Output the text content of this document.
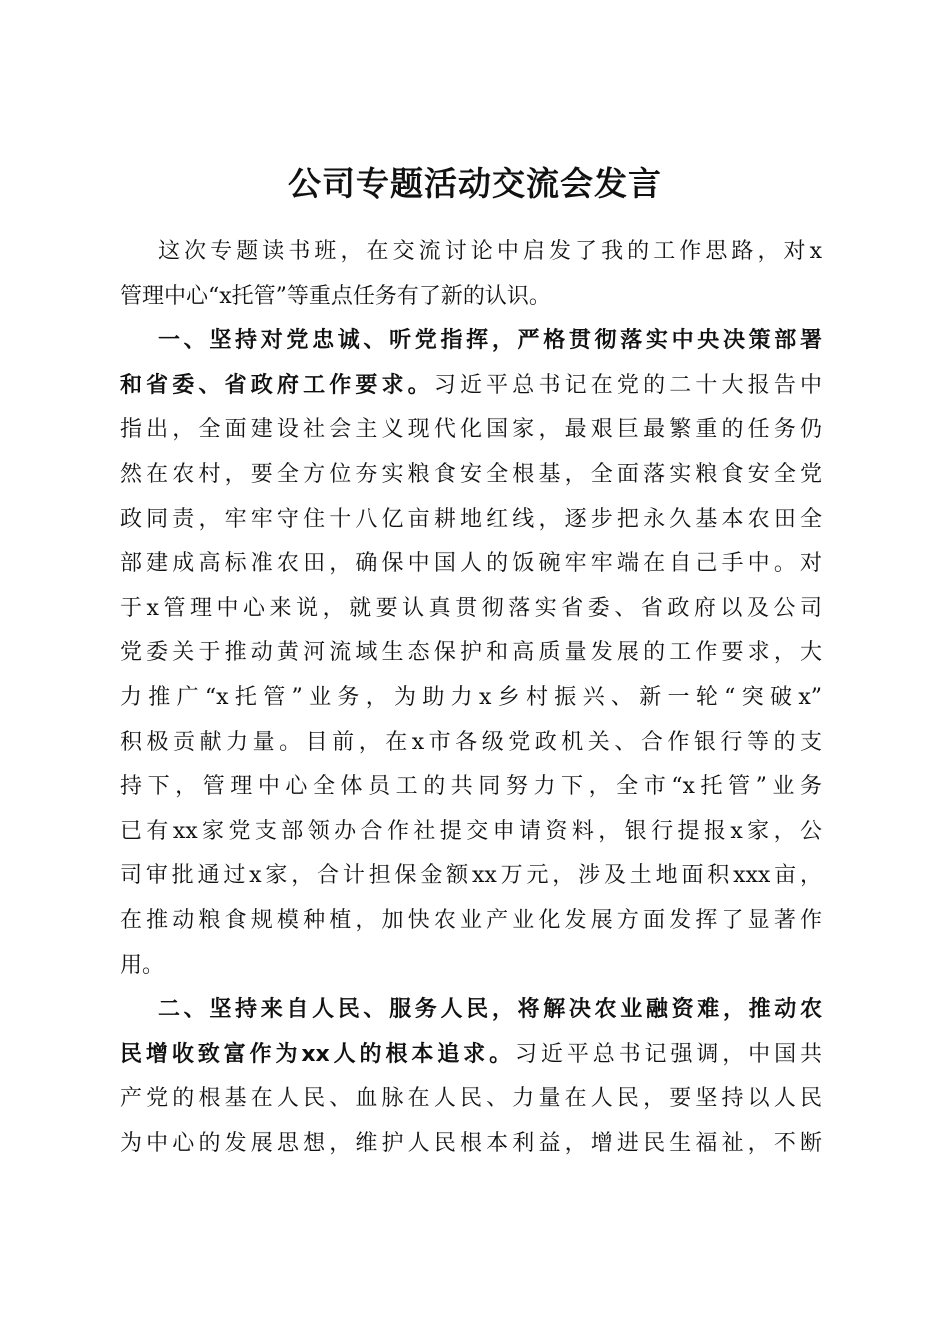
公司专题活动交流会发言
这次专题读书班，在交流讨论中启发了我的工作思路，对x
管理中心“x托管”等重点任务有了新的认识。
一、坚持对党忠诚、听党指挥，严格贯彻落实中央决策部署
和省委、省政府工作要求。习近平总书记在党的二十大报告中
指出，全面建设社会主义现代化国家，最艰巨最繁重的任务仍
然在农村，要全方位夯实粮食安全根基，全面落实粮食安全党
政同责，牢牢守住十八亿亩耕地红线，逐步把永久基本农田全
部建成高标准农田，确保中国人的饭碗牢牢端在自己手中。对
于x管理中心来说，就要认真贯彻落实省委、省政府以及公司
党委关于推动黄河流域生态保护和高质量发展的工作要求，大
力推广“x托管”业务，为助力x乡村振兴、新一轮“突破x”
积极贡献力量。目前，在x市各级党政机关、合作银行等的支
持下，管理中心全体员工的共同努力下，全市“x托管”业务
已有xx家党支部领办合作社提交申请资料，银行提报x家，公
司审批通过x家，合计担保金额xx万元，涉及土地面积xxx亩，
在推动粮食规模种植，加快农业产业化发展方面发挥了显著作
用。
二、坚持来自人民、服务人民，将解决农业融资难，推动农
民增收致富作为xx人的根本追求。习近平总书记强调，中国共
产党的根基在人民、血脉在人民、力量在人民，要坚持以人民
为中心的发展思想，维护人民根本利益，增进民生福祉，不断
